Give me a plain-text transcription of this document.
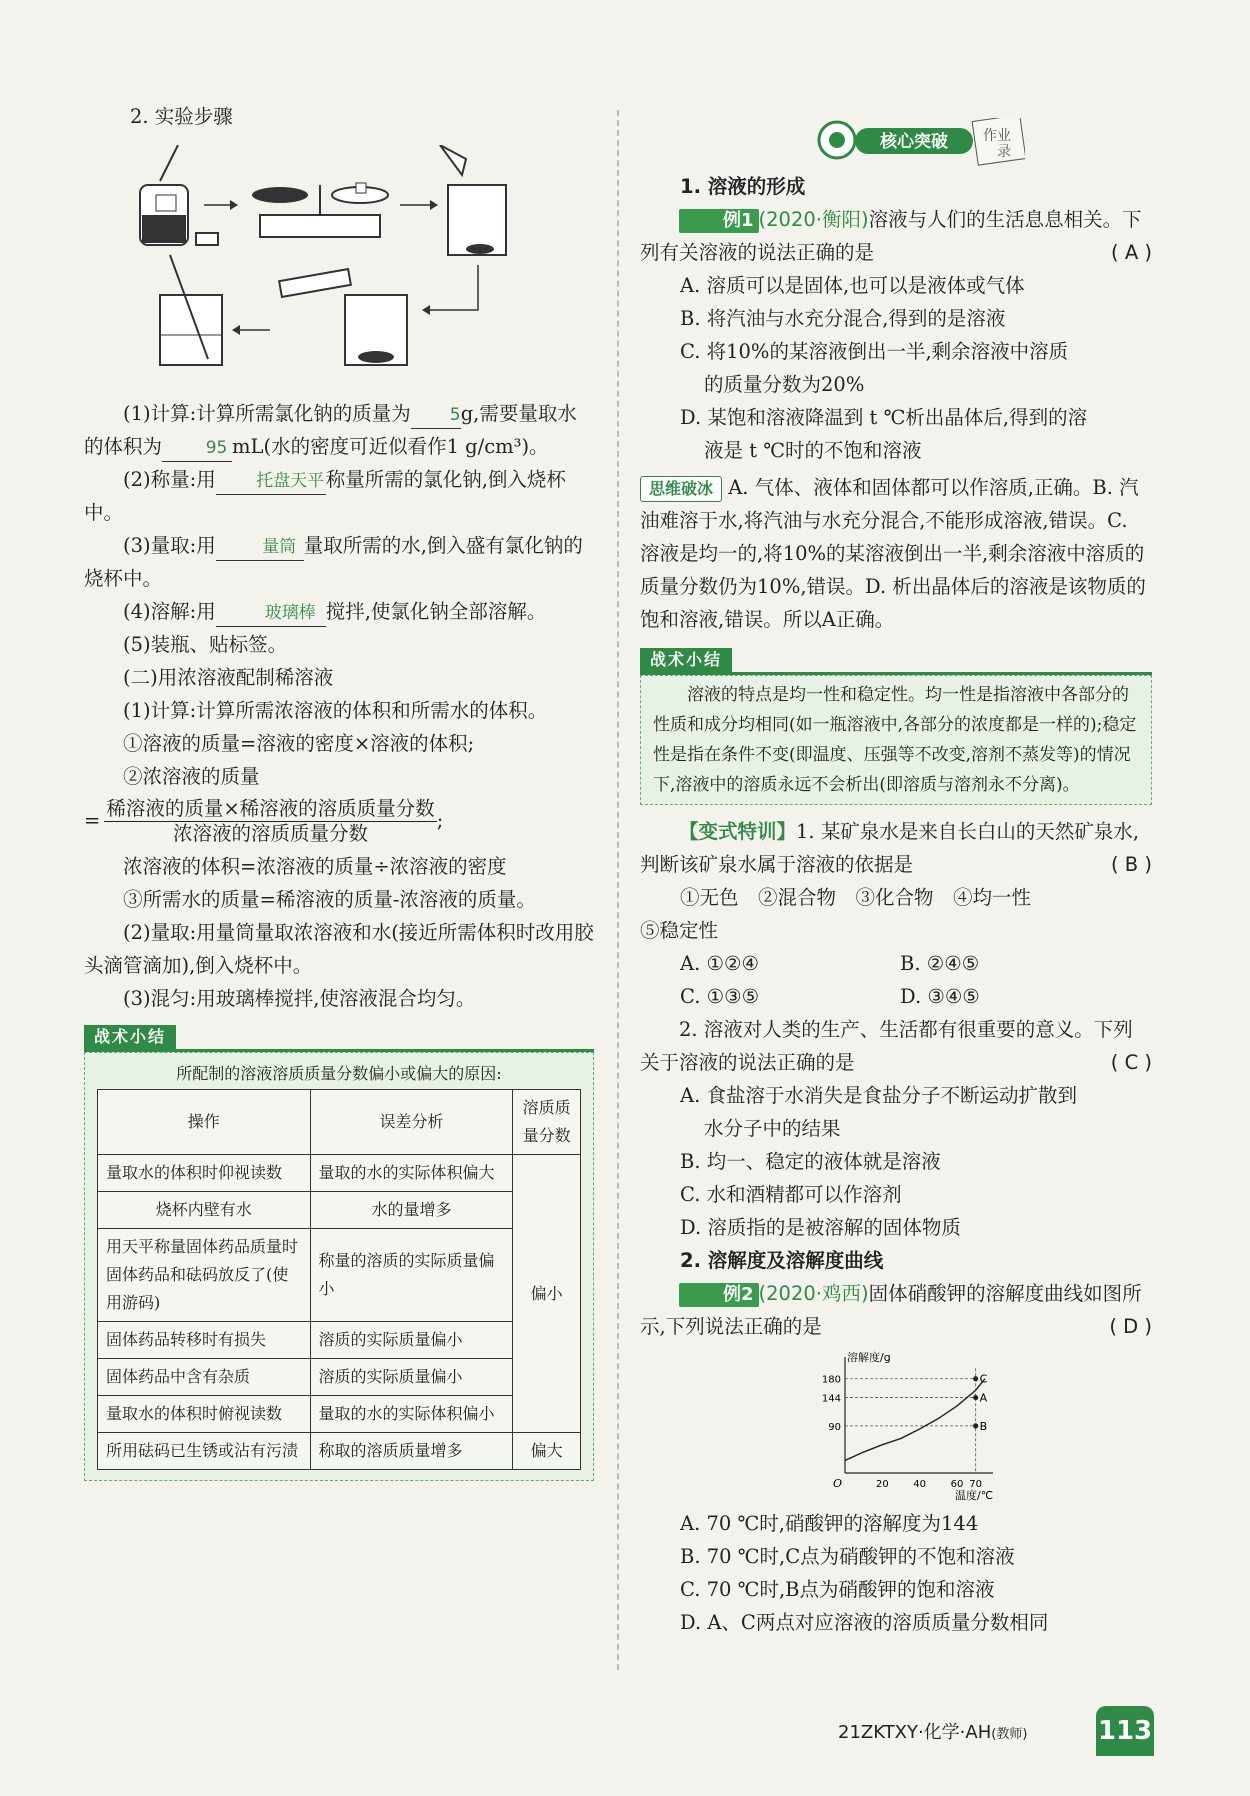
2. 实验步骤

(1)计算:计算所需氯化钠的质量为 5g,需要量取水的体积为	95 mL(水的密度可近似看作1 g/cm³)。

(2)称量:用 托盘天平称量所需的氯化钠,倒入烧杯中。

(3)量取:用	量筒 量取所需的水,倒入盛有氯化钠的烧杯中。

(4)溶解:用	玻璃棒 搅拌,使氯化钠全部溶解。

(5)装瓶、贴标签。

(二)用浓溶液配制稀溶液

(1)计算:计算所需浓溶液的体积和所需水的体积。

①溶液的质量=溶液的密度×溶液的体积;

②浓溶液的质量

= $\frac{\text{稀溶液的质量×稀溶液的溶质质量分数}}{\text{浓溶液的溶质质量分数}}$ ;

浓溶液的体积=浓溶液的质量÷浓溶液的密度

③所需水的质量=稀溶液的质量-浓溶液的质量。

(2)量取:用量筒量取浓溶液和水(接近所需体积时改用胶头滴管滴加),倒入烧杯中。

(3)混匀:用玻璃棒搅拌,使溶液混合均匀。

战术小结

所配制的溶液溶质质量分数偏小或偏大的原因:

操作	误差分析	溶质质量分数
量取水的体积时仰视读数	量取的水的实际体积偏大	偏小
烧杯内壁有水	水的量增多	
用天平称量固体药品质量时固体药品和砝码放反了(使用游码)	称量的溶质的实际质量偏小	
固体药品转移时有损失	溶质的实际质量偏小	
固体药品中含有杂质	溶质的实际质量偏小	
量取水的体积时俯视读数	量取的水的实际体积偏小	
所用砝码已生锈或沾有污渍	称取的溶质质量增多	偏大
核心突破	作业
录

1. 溶液的形成

例1 (2020·衡阳)溶液与人们的生活息息相关。下列有关溶液的说法正确的是	( A )

A. 溶质可以是固体,也可以是液体或气体

B. 将汽油与水充分混合,得到的是溶液

C. 将10%的某溶液倒出一半,剩余溶液中溶质

的质量分数为20%

D. 某饱和溶液降温到 t ℃析出晶体后,得到的溶

液是 t ℃时的不饱和溶液

思维破冰 A. 气体、液体和固体都可以作溶质,正确。B. 汽油难溶于水,将汽油与水充分混合,不能形成溶液,错误。C. 溶液是均一的,将10%的某溶液倒出一半,剩余溶液中溶质的质量分数仍为10%,错误。D. 析出晶体后的溶液是该物质的饱和溶液,错误。所以A正确。

战术小结
溶液的特点是均一性和稳定性。均一性是指溶液中各部分的性质和成分均相同(如一瓶溶液中,各部分的浓度都是一样的);稳定性是指在条件不变(即温度、压强等不改变,溶剂不蒸发等)的情况下,溶液中的溶质永远不会析出(即溶质与溶剂永不分离)。

【变式特训】1. 某矿泉水是来自长白山的天然矿泉水,判断该矿泉水属于溶液的依据是	( B )

①无色　②混合物　③化合物　④均一性

⑤稳定性

A. ①②④	B. ②④⑤

C. ①③⑤	D. ③④⑤

2. 溶液对人类的生产、生活都有很重要的意义。下列关于溶液的说法正确的是	( C )

A. 食盐溶于水消失是食盐分子不断运动扩散到

水分子中的结果

B. 均一、稳定的液体就是溶液

C. 水和酒精都可以作溶剂

D. 溶质指的是被溶解的固体物质

2. 溶解度及溶解度曲线

例2 (2020·鸡西)固体硝酸钾的溶解度曲线如图所示,下列说法正确的是	( D )

溶解度/g
温度/℃
O	20 40 60 70
90
144
180	C
A
B

A. 70 ℃时,硝酸钾的溶解度为144

B. 70 ℃时,C点为硝酸钾的不饱和溶液

C. 70 ℃时,B点为硝酸钾的饱和溶液

D. A、C两点对应溶液的溶质质量分数相同

21ZKTXY·化学·AH(教师)	113
